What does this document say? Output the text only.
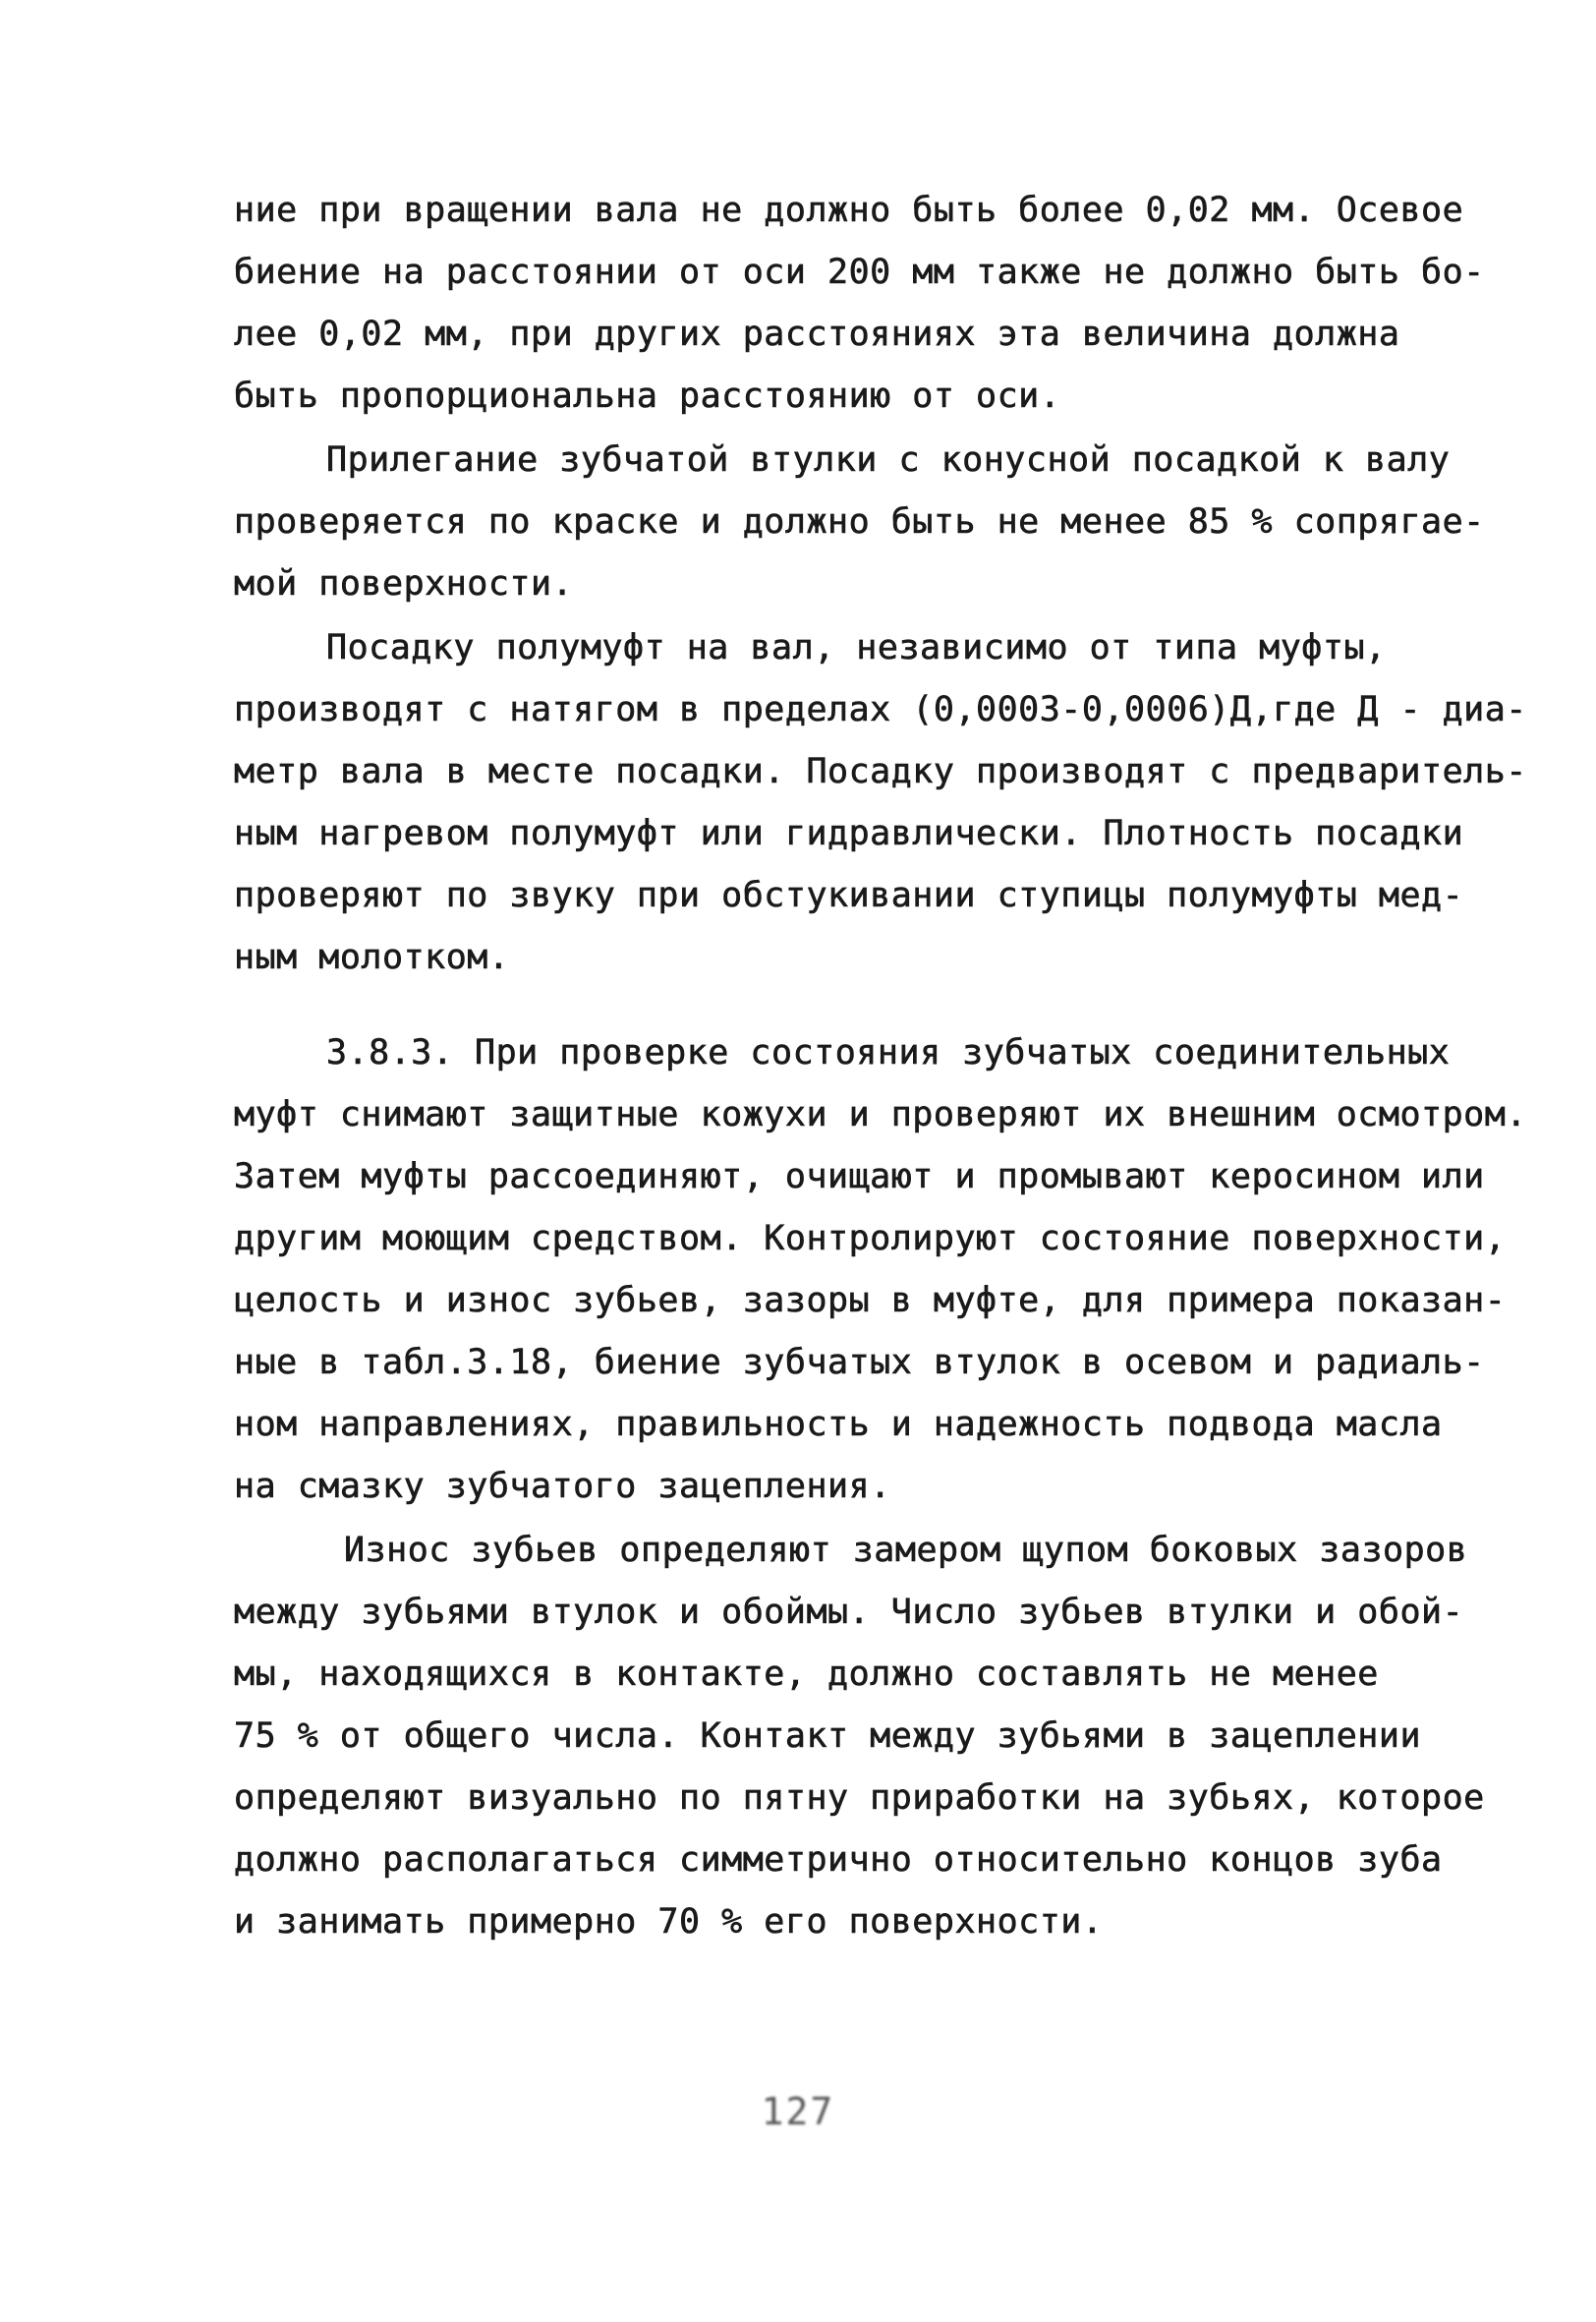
ние при вращении вала не должно быть более 0,02 мм. Осевое
биение на расстоянии от оси 200 мм также не должно быть бо-
лее 0,02 мм, при других расстояниях эта величина должна
быть пропорциональна расстоянию от оси.
Прилегание зубчатой втулки с конусной посадкой к валу
проверяется по краске и должно быть не менее 85 % сопрягае-
мой поверхности.
Посадку полумуфт на вал, независимо от типа муфты,
производят с натягом в пределах (0,0003-0,0006)Д,где Д - диа-
метр вала в месте посадки. Посадку производят с предваритель-
ным нагревом полумуфт или гидравлически. Плотность посадки
проверяют по звуку при обстукивании ступицы полумуфты мед-
ным молотком.
3.8.3. При проверке состояния зубчатых соединительных
муфт снимают защитные кожухи и проверяют их внешним осмотром.
Затем муфты рассоединяют, очищают и промывают керосином или
другим моющим средством. Контролируют состояние поверхности,
целость и износ зубьев, зазоры в муфте, для примера показан-
ные в табл.3.18, биение зубчатых втулок в осевом и радиаль-
ном направлениях, правильность и надежность подвода масла
на смазку зубчатого зацепления.
Износ зубьев определяют замером щупом боковых зазоров
между зубьями втулок и обоймы. Число зубьев втулки и обой-
мы, находящихся в контакте, должно составлять не менее
75 % от общего числа. Контакт между зубьями в зацеплении
определяют визуально по пятну приработки на зубьях, которое
должно располагаться симметрично относительно концов зуба
и занимать примерно 70 % его поверхности.
127
